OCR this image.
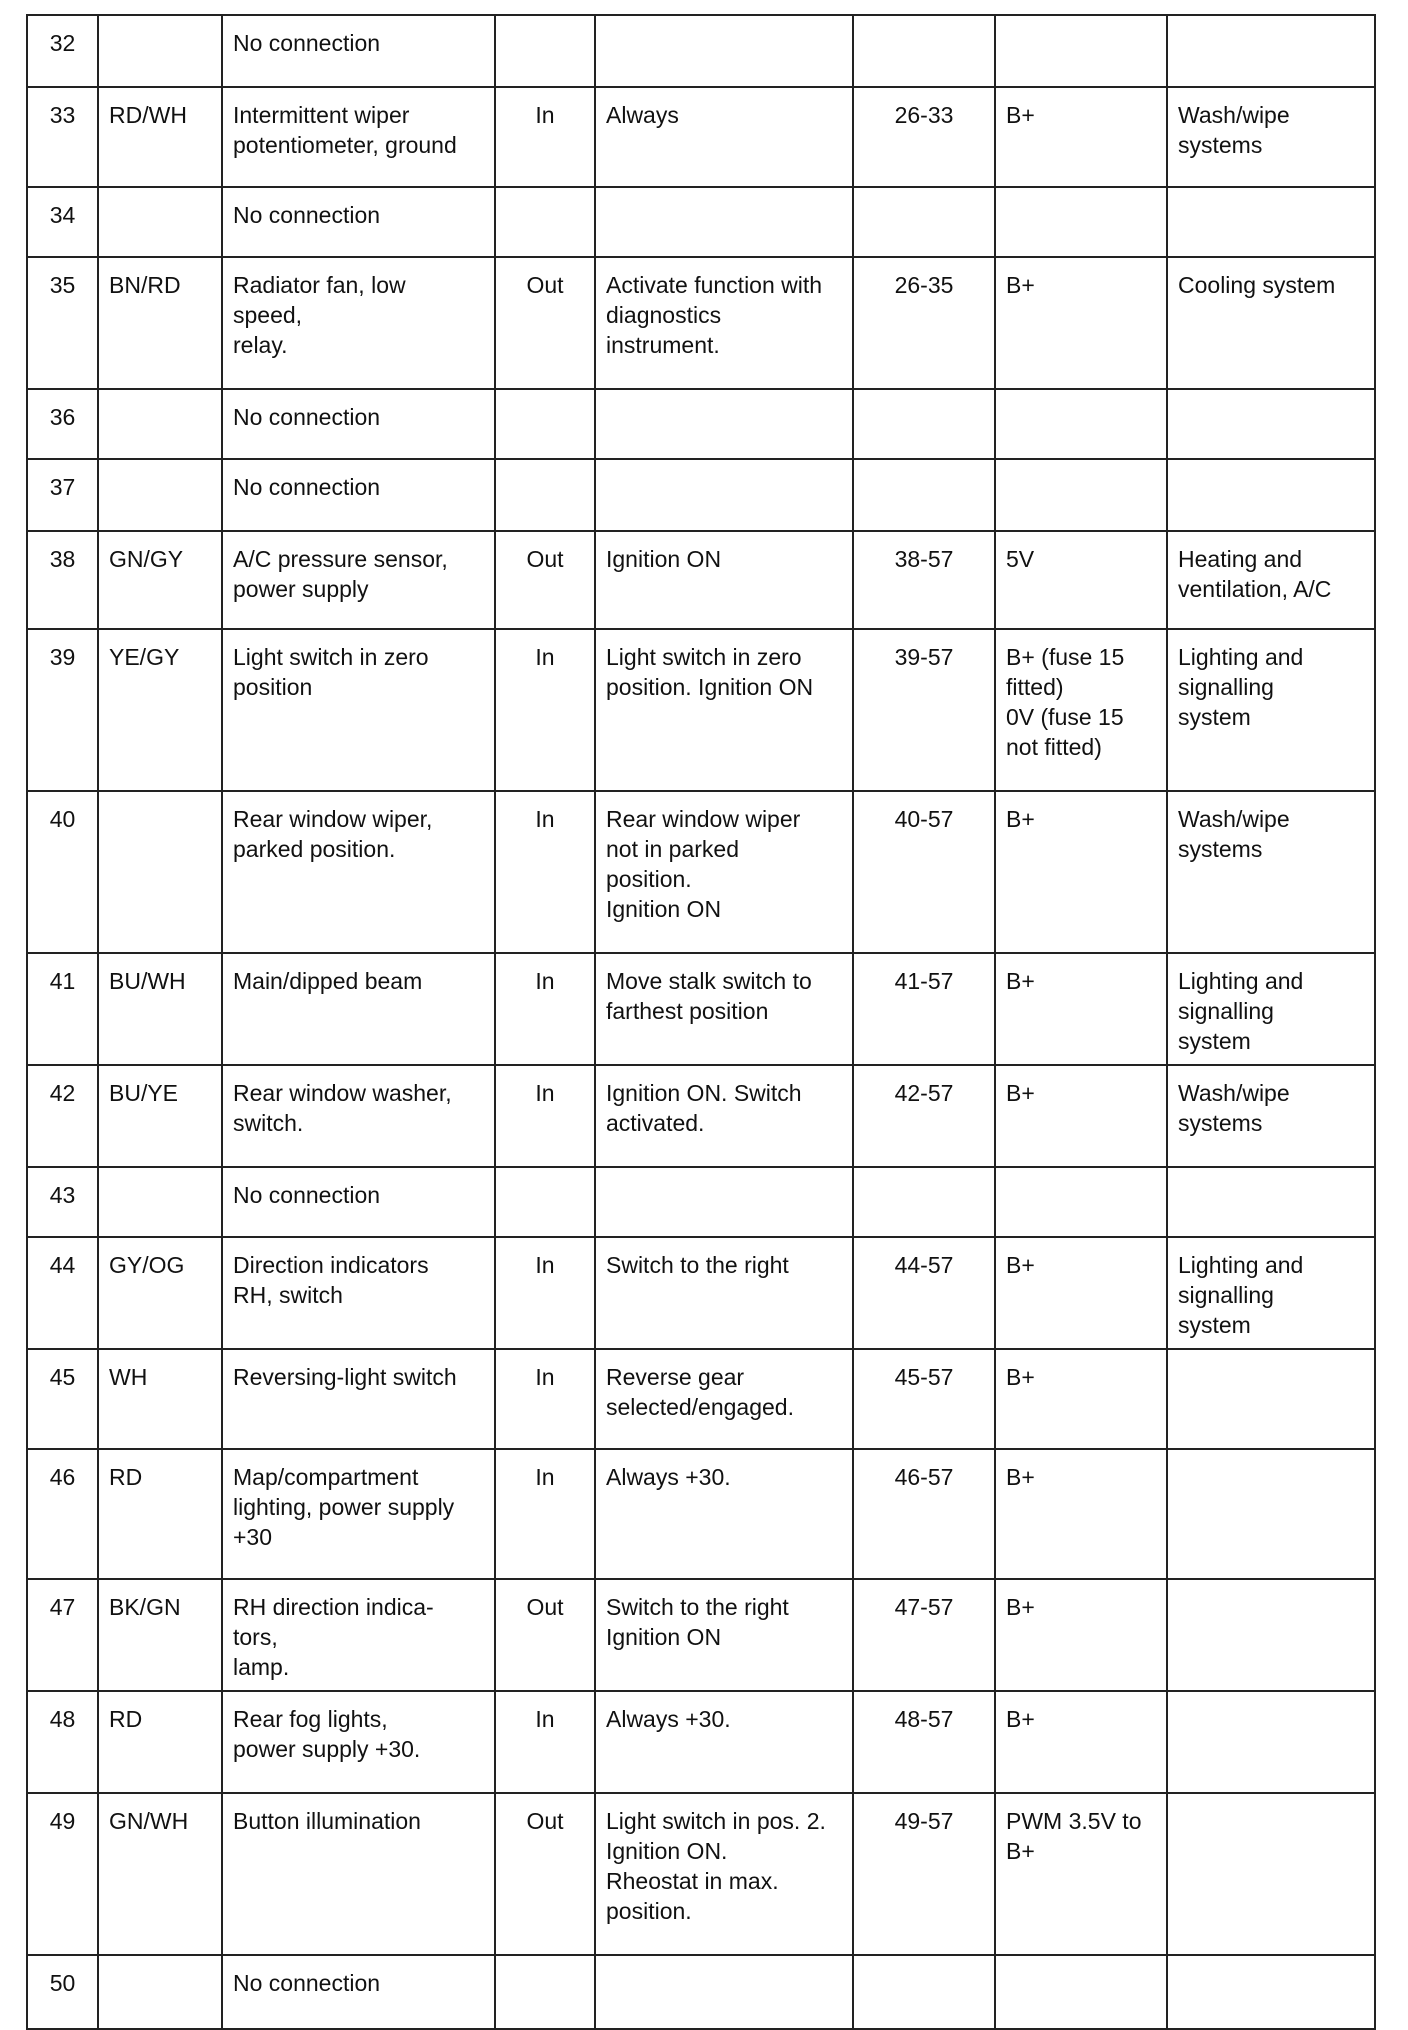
32		No connection					
33	RD/WH	Intermittent wiper
potentiometer, ground	In	Always	26-33	B+	Wash/wipe
systems
34		No connection					
35	BN/RD	Radiator fan, low
speed,
relay.	Out	Activate function with
diagnostics
instrument.	26-35	B+	Cooling system
36		No connection					
37		No connection					
38	GN/GY	A/C pressure sensor,
power supply	Out	Ignition ON	38-57	5V	Heating and
ventilation, A/C
39	YE/GY	Light switch in zero
position	In	Light switch in zero
position. Ignition ON	39-57	B+ (fuse 15
fitted)
0V (fuse 15
not fitted)	Lighting and
signalling
system
40		Rear window wiper,
parked position.	In	Rear window wiper
not in parked
position.
Ignition ON	40-57	B+	Wash/wipe
systems
41	BU/WH	Main/dipped beam	In	Move stalk switch to
farthest position	41-57	B+	Lighting and
signalling
system
42	BU/YE	Rear window washer,
switch.	In	Ignition ON. Switch
activated.	42-57	B+	Wash/wipe
systems
43		No connection					
44	GY/OG	Direction indicators
RH, switch	In	Switch to the right	44-57	B+	Lighting and
signalling
system
45	WH	Reversing-light switch	In	Reverse gear
selected/engaged.	45-57	B+	
46	RD	Map/compartment
lighting, power supply
+30	In	Always +30.	46-57	B+	
47	BK/GN	RH direction indica-
tors,
lamp.	Out	Switch to the right
Ignition ON	47-57	B+	
48	RD	Rear fog lights,
power supply +30.	In	Always +30.	48-57	B+	
49	GN/WH	Button illumination	Out	Light switch in pos. 2.
Ignition ON.
Rheostat in max.
position.	49-57	PWM 3.5V to
B+	
50		No connection					
